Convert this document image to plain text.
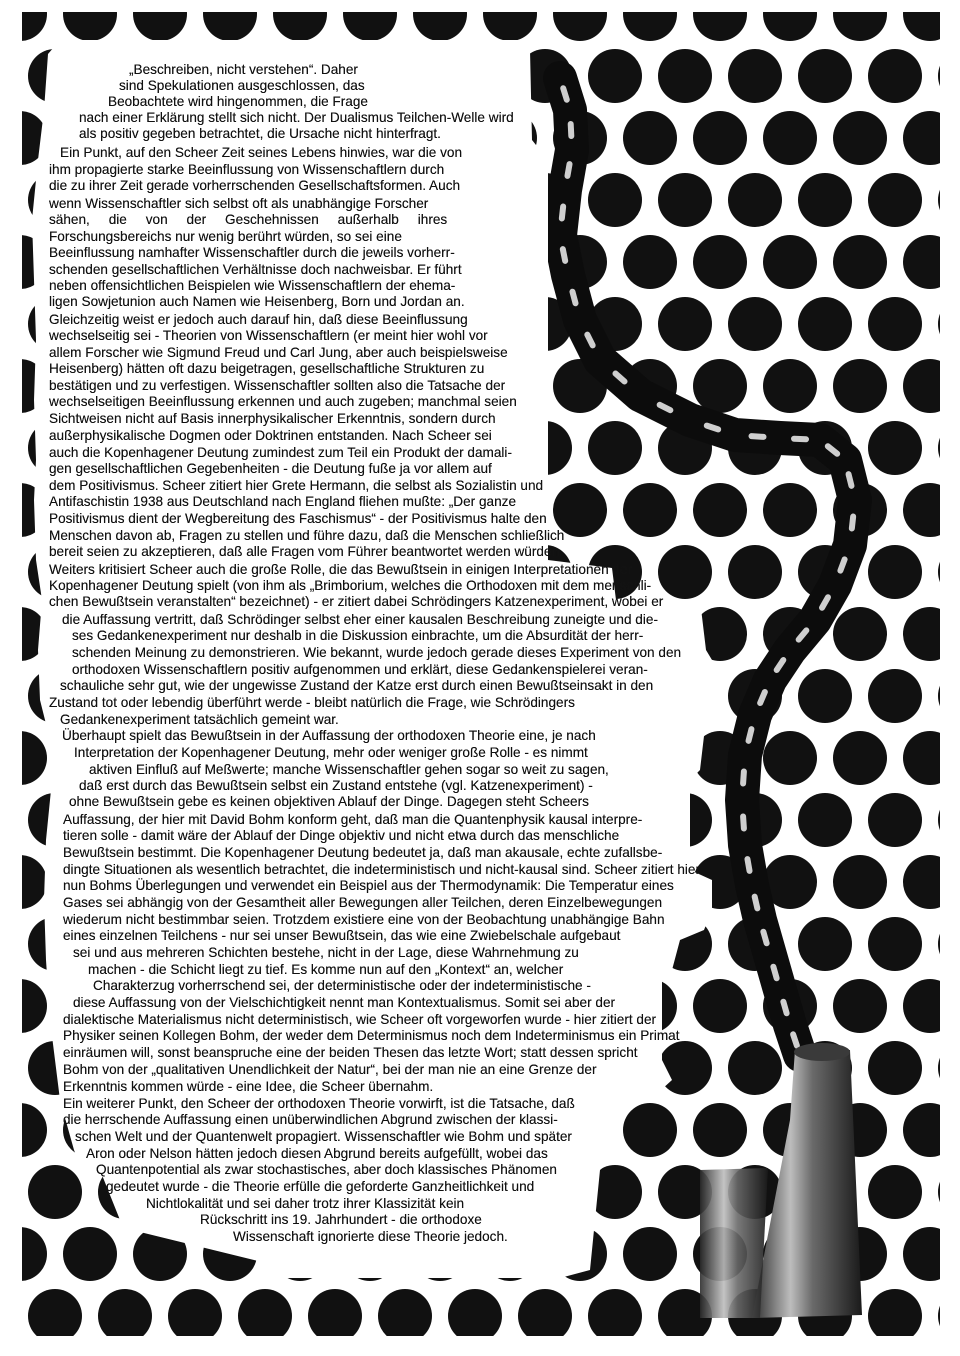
„Beschreiben, nicht verstehen“. Daher
sind Spekulationen ausgeschlossen, das
Beobachtete wird hingenommen, die Frage
nach einer Erklärung stellt sich nicht. Der Dualismus Teilchen-Welle wird
als positiv gegeben betrachtet, die Ursache nicht hinterfragt.
Ein Punkt, auf den Scheer Zeit seines Lebens hinwies, war die von
ihm propagierte starke Beeinflussung von Wissenschaftlern durch
die zu ihrer Zeit gerade vorherrschenden Gesellschaftsformen. Auch
wenn Wissenschaftler sich selbst oft als unabhängige Forscher
sähen,     die     von     der     Geschehnissen     außerhalb     ihres
Forschungsbereichs nur wenig berührt würden, so sei eine
Beeinflussung namhafter Wissenschaftler durch die jeweils vorherr-
schenden gesellschaftlichen Verhältnisse doch nachweisbar. Er führt
neben offensichtlichen Beispielen wie Wissenschaftlern der ehema-
ligen Sowjetunion auch Namen wie Heisenberg, Born und Jordan an.
Gleichzeitig weist er jedoch auch darauf hin, daß diese Beeinflussung
wechselseitig sei - Theorien von Wissenschaftlern (er meint hier wohl vor
allem Forscher wie Sigmund Freud und Carl Jung, aber auch beispielsweise
Heisenberg) hätten oft dazu beigetragen, gesellschaftliche Strukturen zu
bestätigen und zu verfestigen. Wissenschaftler sollten also die Tatsache der
wechselseitigen Beeinflussung erkennen und auch zugeben; manchmal seien
Sichtweisen nicht auf Basis innerphysikalischer Erkenntnis, sondern durch
außerphysikalische Dogmen oder Doktrinen entstanden. Nach Scheer sei
auch die Kopenhagener Deutung zumindest zum Teil ein Produkt der damali-
gen gesellschaftlichen Gegebenheiten - die Deutung fuße ja vor allem auf
dem Positivismus. Scheer zitiert hier Grete Hermann, die selbst als Sozialistin und
Antifaschistin 1938 aus Deutschland nach England fliehen mußte: „Der ganze
Positivismus dient der Wegbereitung des Faschismus“ - der Positivismus halte den
Menschen davon ab, Fragen zu stellen und führe dazu, daß die Menschen schließlich
bereit seien zu akzeptieren, daß alle Fragen vom Führer beantwortet werden würden.
Weiters kritisiert Scheer auch die große Rolle, die das Bewußtsein in einigen Interpretationen der
Kopenhagener Deutung spielt (von ihm als „Brimborium, welches die Orthodoxen mit dem menschli-
chen Bewußtsein veranstalten“ bezeichnet) - er zitiert dabei Schrödingers Katzenexperiment, wobei er
die Auffassung vertritt, daß Schrödinger selbst eher einer kausalen Beschreibung zuneigte und die-
ses Gedankenexperiment nur deshalb in die Diskussion einbrachte, um die Absurdität der herr-
schenden Meinung zu demonstrieren. Wie bekannt, wurde jedoch gerade dieses Experiment von den
orthodoxen Wissenschaftlern positiv aufgenommen und erklärt, diese Gedankenspielerei veran-
schauliche sehr gut, wie der ungewisse Zustand der Katze erst durch einen Bewußtseinsakt in den
Zustand tot oder lebendig überführt werde - bleibt natürlich die Frage, wie Schrödingers
Gedankenexperiment tatsächlich gemeint war.
Überhaupt spielt das Bewußtsein in der Auffassung der orthodoxen Theorie eine, je nach
Interpretation der Kopenhagener Deutung, mehr oder weniger große Rolle - es nimmt
aktiven Einfluß auf Meßwerte; manche Wissenschaftler gehen sogar so weit zu sagen,
daß erst durch das Bewußtsein selbst ein Zustand entstehe (vgl. Katzenexperiment) -
ohne Bewußtsein gebe es keinen objektiven Ablauf der Dinge. Dagegen steht Scheers
Auffassung, der hier mit David Bohm konform geht, daß man die Quantenphysik kausal interpre-
tieren solle - damit wäre der Ablauf der Dinge objektiv und nicht etwa durch das menschliche
Bewußtsein bestimmt. Die Kopenhagener Deutung bedeutet ja, daß man akausale, echte zufallsbe-
dingte Situationen als wesentlich betrachtet, die indeterministisch und nicht-kausal sind. Scheer zitiert hier
nun Bohms Überlegungen und verwendet ein Beispiel aus der Thermodynamik: Die Temperatur eines
Gases sei abhängig von der Gesamtheit aller Bewegungen aller Teilchen, deren Einzelbewegungen
wiederum nicht bestimmbar seien. Trotzdem existiere eine von der Beobachtung unabhängige Bahn
eines einzelnen Teilchens - nur sei unser Bewußtsein, das wie eine Zwiebelschale aufgebaut
sei und aus mehreren Schichten bestehe, nicht in der Lage, diese Wahrnehmung zu
machen - die Schicht liegt zu tief. Es komme nun auf den „Kontext“ an, welcher
Charakterzug vorherrschend sei, der deterministische oder der indeterministische -
diese Auffassung von der Vielschichtigkeit nennt man Kontextualismus. Somit sei aber der
dialektische Materialismus nicht deterministisch, wie Scheer oft vorgeworfen wurde - hier zitiert der
Physiker seinen Kollegen Bohm, der weder dem Determinismus noch dem Indeterminismus ein Primat
einräumen will, sonst beanspruche eine der beiden Thesen das letzte Wort; statt dessen spricht
Bohm von der „qualitativen Unendlichkeit der Natur“, bei der man nie an eine Grenze der
Erkenntnis kommen würde - eine Idee, die Scheer übernahm.
Ein weiterer Punkt, den Scheer der orthodoxen Theorie vorwirft, ist die Tatsache, daß
die herrschende Auffassung einen unüberwindlichen Abgrund zwischen der klassi-
schen Welt und der Quantenwelt propagiert. Wissenschaftler wie Bohm und später
Aron oder Nelson hätten jedoch diesen Abgrund bereits aufgefüllt, wobei das
Quantenpotential als zwar stochastisches, aber doch klassisches Phänomen
gedeutet wurde - die Theorie erfülle die geforderte Ganzheitlichkeit und
Nichtlokalität und sei daher trotz ihrer Klassizität kein
Rückschritt ins 19. Jahrhundert - die orthodoxe
Wissenschaft ignorierte diese Theorie jedoch.
